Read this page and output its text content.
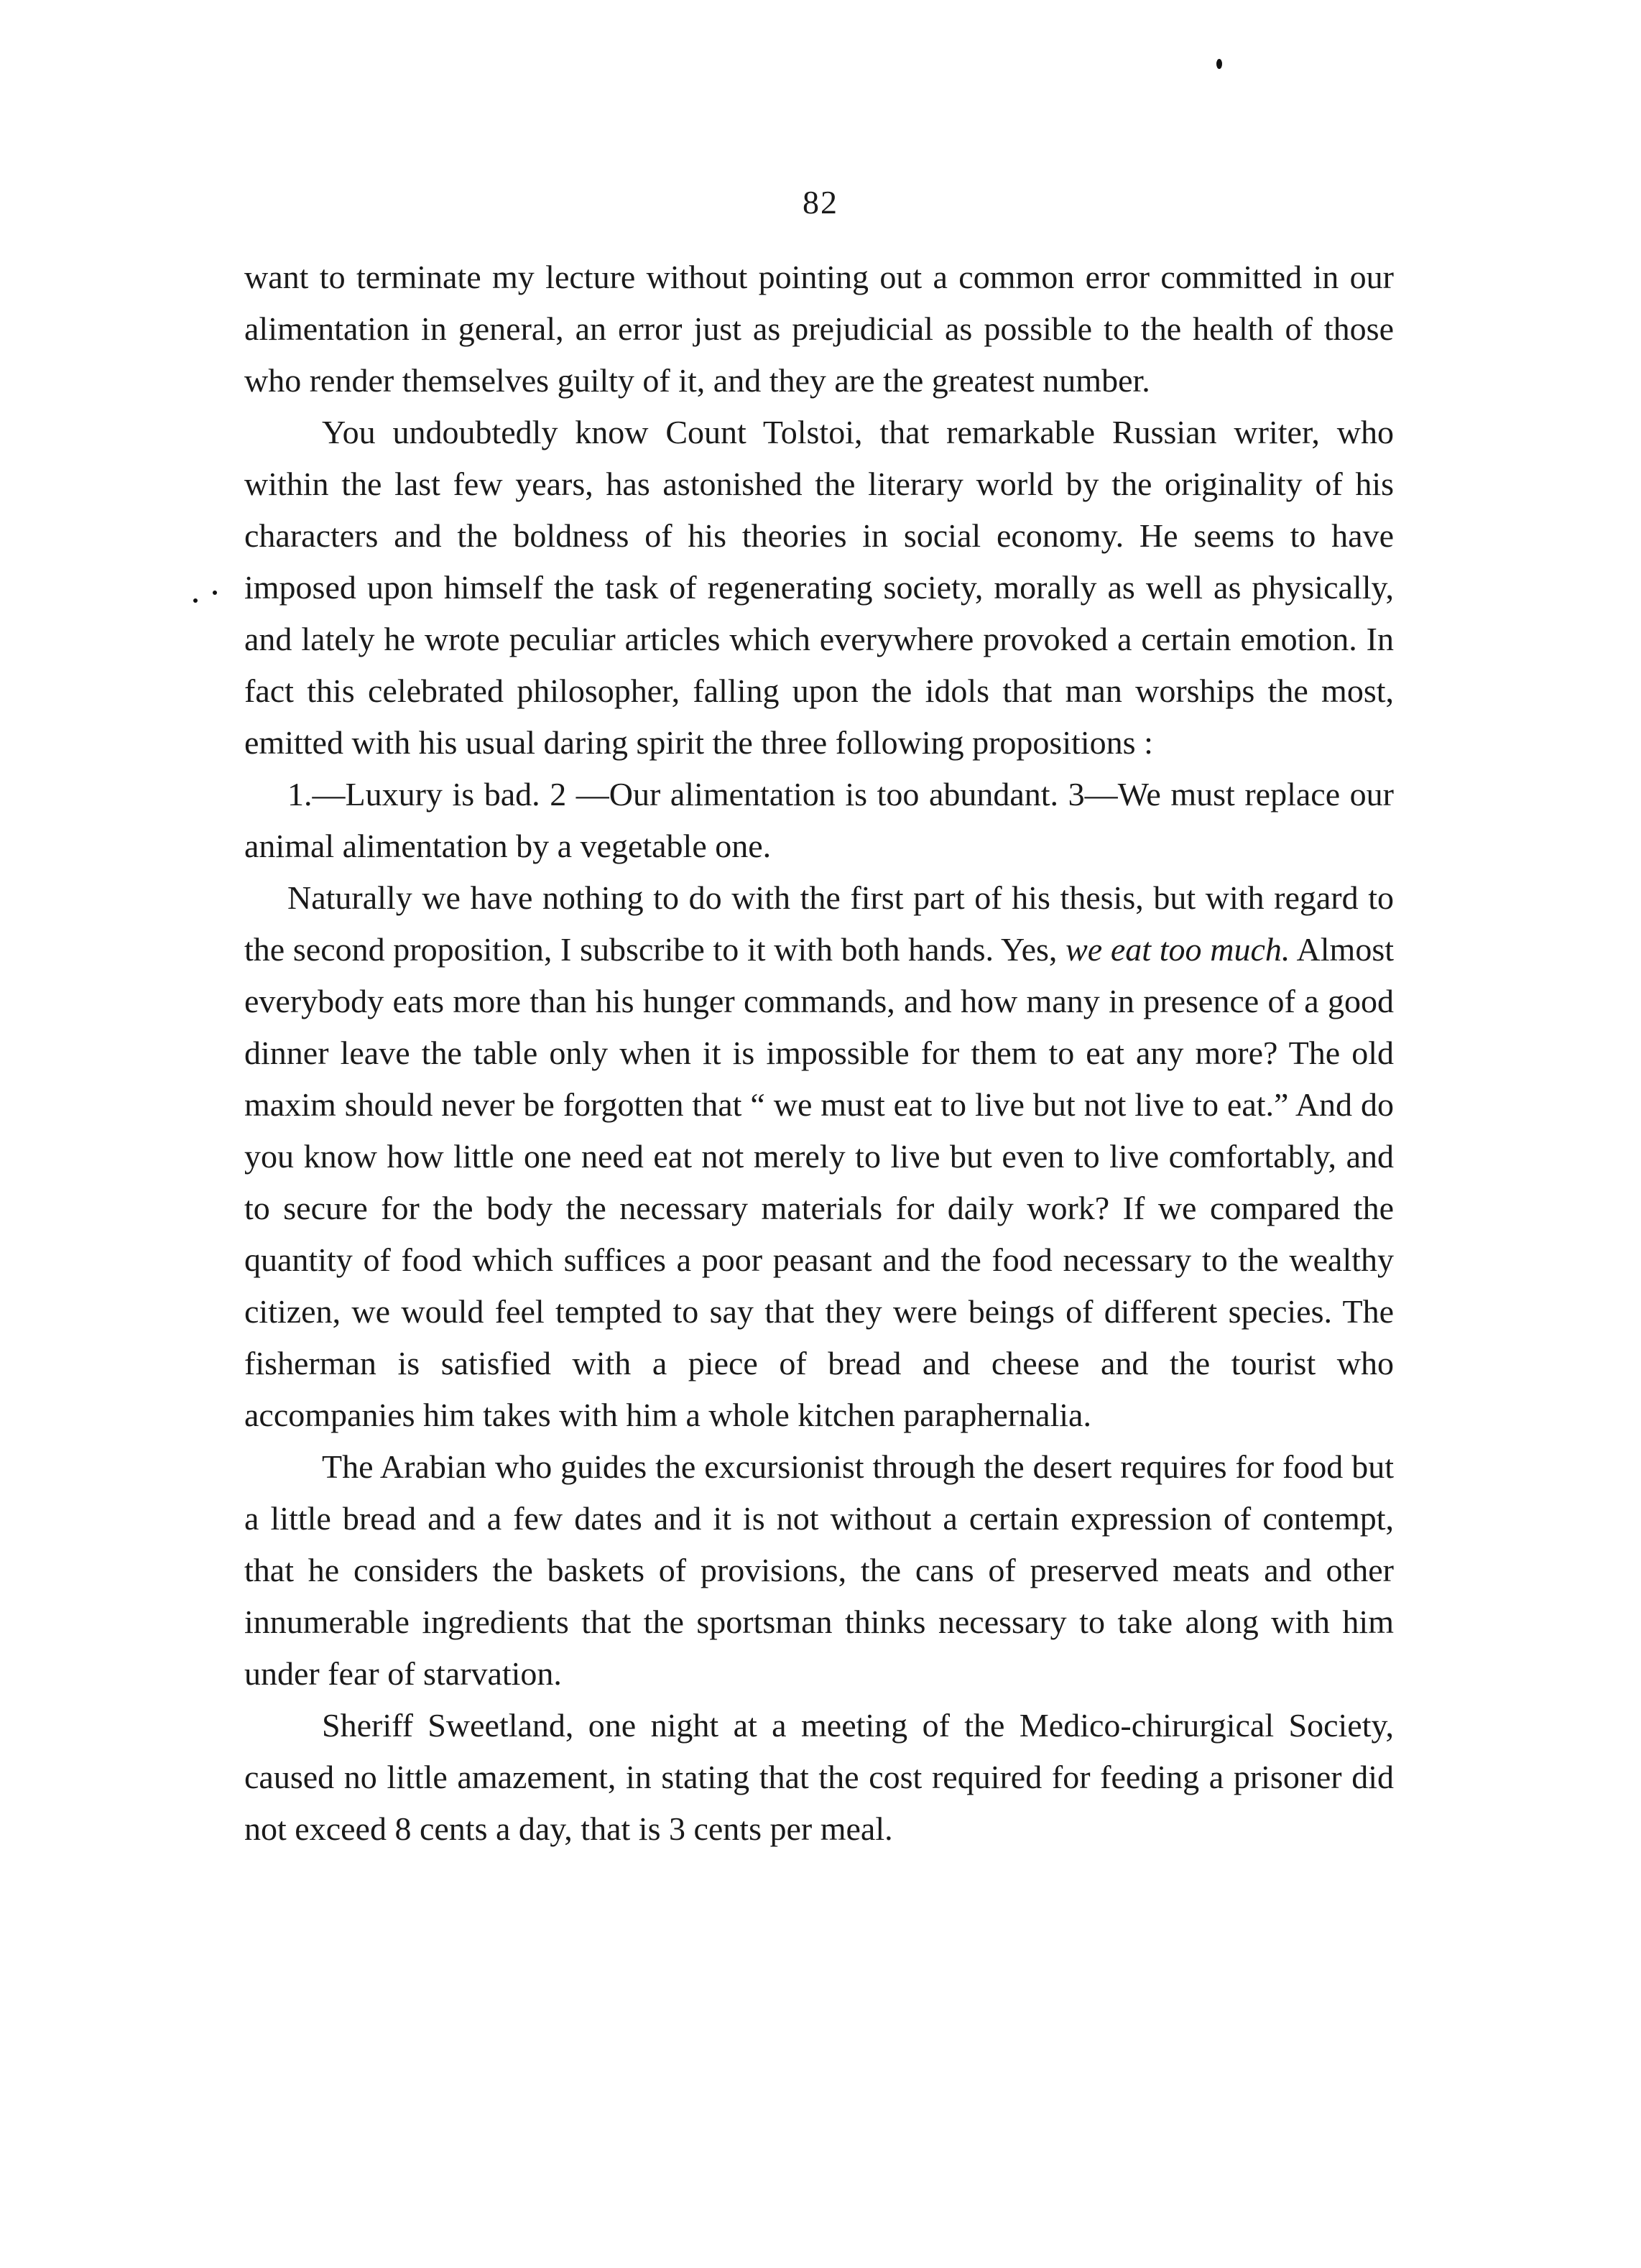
82

want to terminate my lecture without pointing out a common error committed in our alimentation in general, an error just as prejudicial as possible to the health of those who render themselves guilty of it, and they are the greatest number.

You undoubtedly know Count Tolstoi, that remarkable Russian writer, who within the last few years, has astonished the literary world by the originality of his characters and the boldness of his theories in social economy. He seems to have imposed upon himself the task of regenerating society, morally as well as physically, and lately he wrote peculiar articles which everywhere provoked a certain emotion. In fact this celebrated philosopher, falling upon the idols that man worships the most, emitted with his usual daring spirit the three following propositions :

1.—Luxury is bad. 2 —Our alimentation is too abundant. 3—We must replace our animal alimentation by a vegetable one.

Naturally we have nothing to do with the first part of his thesis, but with regard to the second proposition, I subscribe to it with both hands. Yes, we eat too much. Almost everybody eats more than his hunger commands, and how many in presence of a good dinner leave the table only when it is impossible for them to eat any more? The old maxim should never be forgotten that “ we must eat to live but not live to eat.” And do you know how little one need eat not merely to live but even to live comfortably, and to secure for the body the necessary materials for daily work? If we compared the quantity of food which suffices a poor peasant and the food necessary to the wealthy citizen, we would feel tempted to say that they were beings of different species. The fisherman is satisfied with a piece of bread and cheese and the tourist who accompanies him takes with him a whole kitchen paraphernalia.

The Arabian who guides the excursionist through the desert requires for food but a little bread and a few dates and it is not without a certain expression of contempt, that he considers the baskets of provisions, the cans of preserved meats and other innumerable ingredients that the sportsman thinks necessary to take along with him under fear of starvation.

Sheriff Sweetland, one night at a meeting of the Medico-chirurgical Society, caused no little amazement, in stating that the cost required for feeding a prisoner did not exceed 8 cents a day, that is 3 cents per meal.
